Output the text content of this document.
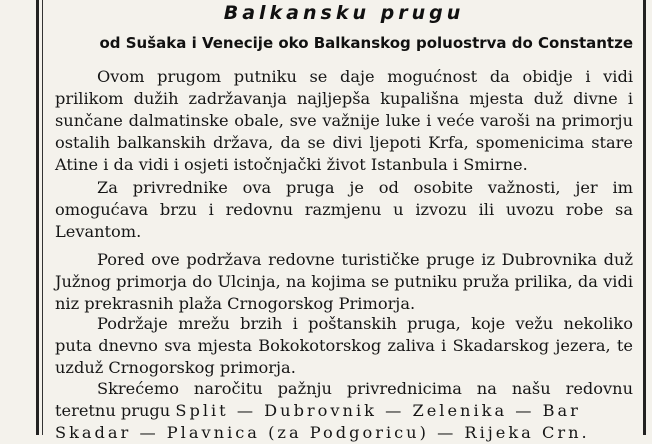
Balkansku prugu
od Sušaka i Venecije oko Balkanskog poluostrva do Constantze
Ovom prugom putniku se daje mogućnost da obidje i vidi prilikom dužih zadržavanja najljepša kupališna mjesta duž divne i sunčane dalmatinske obale, sve važnije luke i veće varoši na primorju ostalih balkanskih država, da se divi ljepoti Krfa, spomenicima stare Atine i da vidi i osjeti istočnjački život Istanbula i Smirne.
Za privrednike ova pruga je od osobite važnosti, jer im omogućava brzu i redovnu razmjenu u izvozu ili uvozu robe sa Levantom.
Pored ove podržava redovne turističke pruge iz Dubrovnika duž Južnog primorja do Ulcinja, na kojima se putniku pruža prilika, da vidi niz prekrasnih plaža Crnogorskog Primorja.
Podržaje mrežu brzih i poštanskih pruga, koje vežu nekoliko puta dnevno sva mjesta Bokokotorskog zaliva i Skadarskog jezera, te uzduž Crnogorskog primorja.
Skrećemo naročitu pažnju privrednicima na našu redovnu teretnu prugu Split — Dubrovnik — Zelenika — Bar
Skadar — Plavnica (za Podgoricu) — Rijeka Crn.
